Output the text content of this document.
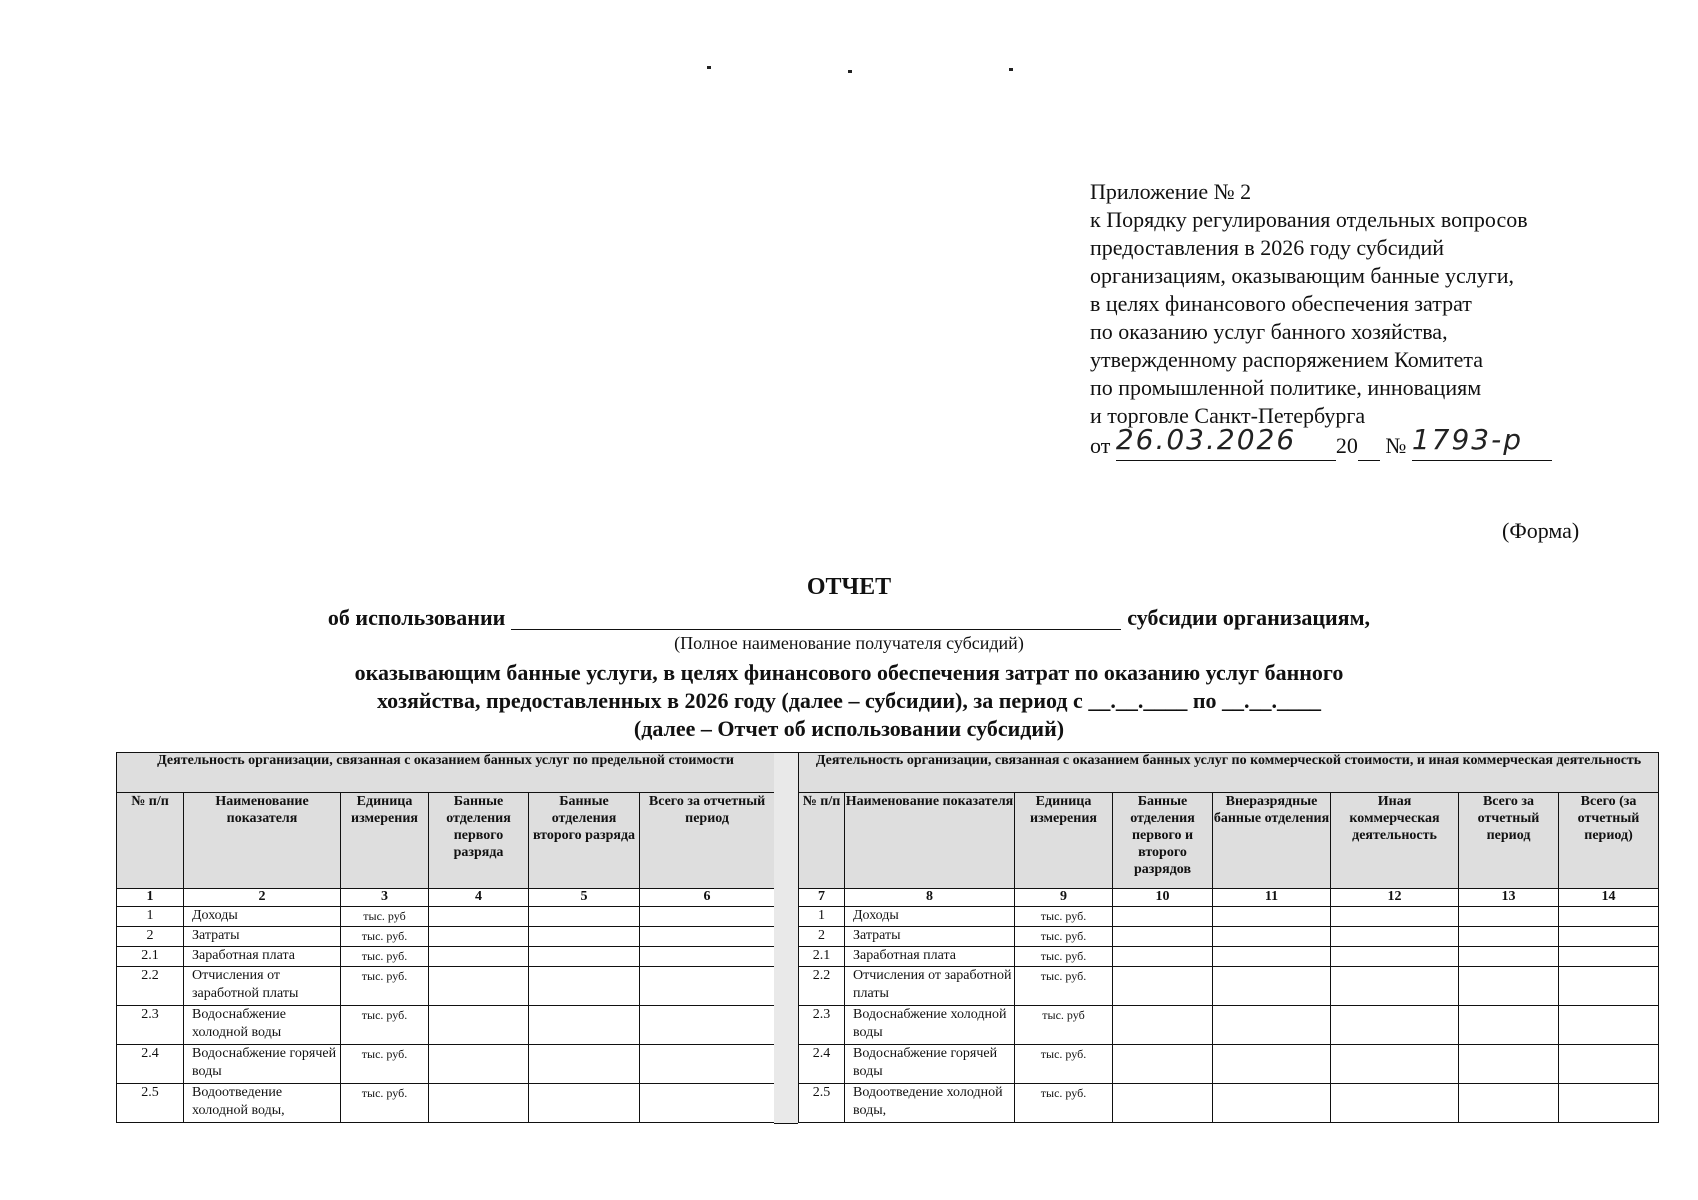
Приложение № 2
к Порядку регулирования отдельных вопросов
предоставления в 2026 году субсидий
организациям, оказывающим банные услуги,
в целях финансового обеспечения затрат
по оказанию услуг банного хозяйства,
утвержденному распоряжением Комитета
по промышленной политике, инновациям
и торговле Санкт-Петербурга
от 26.03.2026 20 № 1793-р
(Форма)
ОТЧЕТ
об использовании	субсидии организациям,
(Полное наименование получателя субсидий)
оказывающим банные услуги, в целях финансового обеспечения затрат по оказанию услуг банного
хозяйства, предоставленных в 2026 году (далее – субсидии), за период с __.__.____ по __.__.____
(далее – Отчет об использовании субсидий)
Деятельность организации, связанная с оказанием банных услуг по предельной стоимости					
№ п/п	Наименование показателя	Единица измерения	Банные отделения первого разряда	Банные отделения второго разряда	Всего за отчетный период
1	2	3	4	5	6
1	Доходы	тыс. руб			
2	Затраты	тыс. руб.			
2.1	Заработная плата	тыс. руб.			
2.2	Отчисления от заработной платы	тыс. руб.			
2.3	Водоснабжение холодной воды	тыс. руб.			
2.4	Водоснабжение горячей воды	тыс. руб.			
2.5	Водоотведение холодной воды,	тыс. руб.			
Деятельность организации, связанная с оказанием банных услуг по коммерческой стоимости, и иная коммерческая деятельность							
№ п/п	Наименование показателя	Единица измерения	Банные отделения первого и второго разрядов	Внеразрядные банные отделения	Иная коммерческая деятельность	Всего за отчетный период	Всего (за отчетный период)
7	8	9	10	11	12	13	14
1	Доходы	тыс. руб.					
2	Затраты	тыс. руб.					
2.1	Заработная плата	тыс. руб.					
2.2	Отчисления от заработной платы	тыс. руб.					
2.3	Водоснабжение холодной воды	тыс. руб					
2.4	Водоснабжение горячей воды	тыс. руб.					
2.5	Водоотведение холодной воды,	тыс. руб.					
